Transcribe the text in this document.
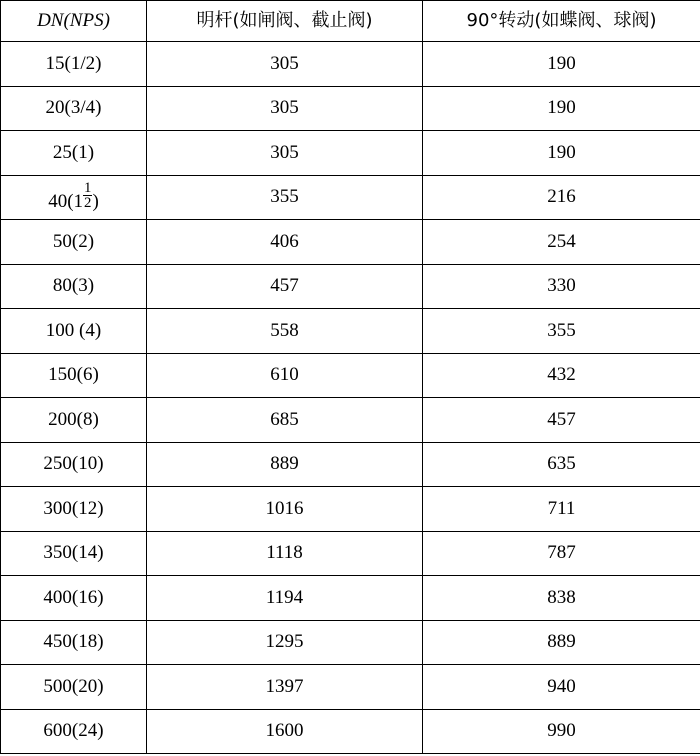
DN(NPS)	明杆(如闸阀、截止阀)	90°转动(如蝶阀、球阀)
15(1/2)	305	190
20(3/4)	305	190
25(1)	305	190
$40(1 \frac{1}{2}$ )	355	216
50(2)	406	254
80(3)	457	330
100 (4)	558	355
150(6)	610	432
200(8)	685	457
250(10)	889	635
300(12)	1016	711
350(14)	1118	787
400(16)	1194	838
450(18)	1295	889
500(20)	1397	940
600(24)	1600	990
